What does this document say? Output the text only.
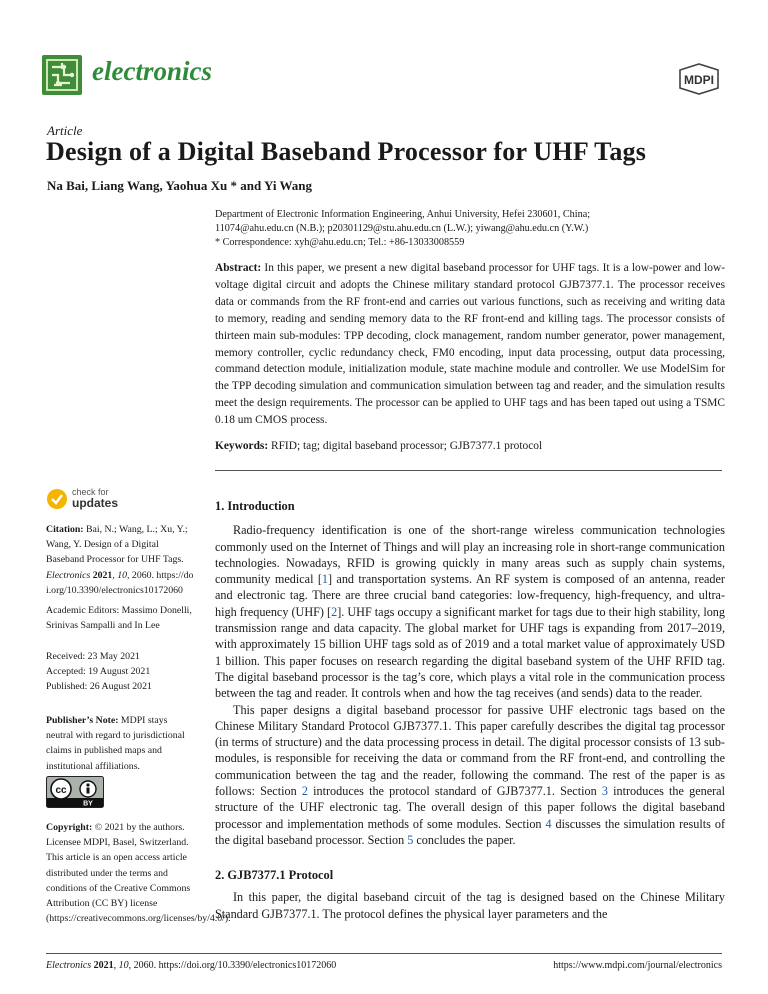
electronics	MDPI
Article
Design of a Digital Baseband Processor for UHF Tags
Na Bai, Liang Wang, Yaohua Xu * and Yi Wang
Department of Electronic Information Engineering, Anhui University, Hefei 230601, China;
11074@ahu.edu.cn (N.B.); p20301129@stu.ahu.edu.cn (L.W.); yiwang@ahu.edu.cn (Y.W.)
* Correspondence: xyh@ahu.edu.cn; Tel.: +86-13033008559
Abstract: In this paper, we present a new digital baseband processor for UHF tags. It is a low-power and low-voltage digital circuit and adopts the Chinese military standard protocol GJB7377.1. The processor receives data or commands from the RF front-end and carries out various functions, such as receiving and writing data to memory, reading and sending memory data to the RF front-end and killing tags. The processor consists of thirteen main sub-modules: TPP decoding, clock management, random number generator, power management, memory controller, cyclic redundancy check, FM0 encoding, input data processing, output data processing, command detection module, initialization module, state machine module and controller. We use ModelSim for the TPP decoding simulation and communication simulation between tag and reader, and the simulation results meet the design requirements. The processor can be applied to UHF tags and has been taped out using a TSMC 0.18 um CMOS process.
Keywords: RFID; tag; digital baseband processor; GJB7377.1 protocol
check for
updates
Citation: Bai, N.; Wang, L.; Xu, Y.; Wang, Y. Design of a Digital Baseband Processor for UHF Tags. Electronics 2021, 10, 2060. https://doi.org/10.3390/electronics10172060
Academic Editors: Massimo Donelli, Srinivas Sampalli and In Lee
Received: 23 May 2021
Accepted: 19 August 2021
Published: 26 August 2021
Publisher’s Note: MDPI stays neutral with regard to jurisdictional claims in published maps and institutional affiliations.
cc
BY
Copyright: © 2021 by the authors. Licensee MDPI, Basel, Switzerland. This article is an open access article distributed under the terms and conditions of the Creative Commons Attribution (CC BY) license (https://creativecommons.org/licenses/by/4.0/).
1. Introduction

Radio-frequency identification is one of the short-range wireless communication technologies commonly used on the Internet of Things and will play an increasing role in short-range communication technologies. Nowadays, RFID is growing quickly in many areas such as supply chain systems, community medical [1] and transportation systems. An RF system is composed of an antenna, reader and electronic tag. There are three crucial band categories: low-frequency, high-frequency, and ultra-high frequency (UHF) [2]. UHF tags occupy a significant market for tags due to their high stability, long transmission range and data capacity. The global market for UHF tags is expanding from 2017–2019, with approximately 15 billion UHF tags sold as of 2019 and a total market value of approximately USD 1 billion. This paper focuses on research regarding the digital baseband system of the UHF RFID tag. The digital baseband processor is the tag’s core, which plays a vital role in the communication process between the tag and reader. It controls when and how the tag receives (and sends) data to the reader.

This paper designs a digital baseband processor for passive UHF electronic tags based on the Chinese Military Standard Protocol GJB7377.1. This paper carefully describes the digital tag processor (in terms of structure) and the data processing process in detail. The digital processor consists of 13 sub-modules, is responsible for receiving the data or command from the RF front-end, and controlling the communication between the tag and the reader, following the command. The rest of the paper is as follows: Section 2 introduces the protocol standard of GJB7377.1. Section 3 introduces the general structure of the UHF electronic tag. The overall design of this paper follows the digital baseband processor and implementation methods of some modules. Section 4 discusses the simulation results of the digital baseband processor. Section 5 concludes the paper.

2. GJB7377.1 Protocol

In this paper, the digital baseband circuit of the tag is designed based on the Chinese Military Standard GJB7377.1. The protocol defines the physical layer parameters and the

Electronics 2021, 10, 2060. https://doi.org/10.3390/electronics10172060	https://www.mdpi.com/journal/electronics
